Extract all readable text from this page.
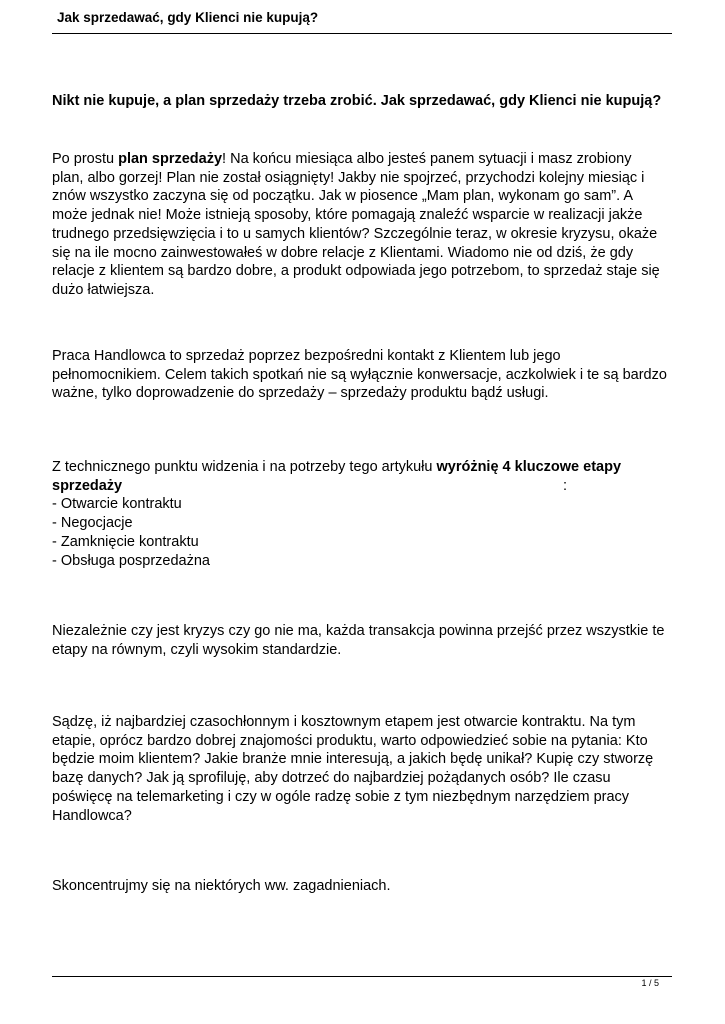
Jak sprzedawać, gdy Klienci nie kupują?
Nikt nie kupuje, a plan sprzedaży trzeba zrobić. Jak sprzedawać, gdy Klienci nie kupują?
Po prostu plan sprzedaży! Na końcu miesiąca albo jesteś panem sytuacji i masz zrobiony
plan, albo gorzej! Plan nie został osiągnięty! Jakby nie spojrzeć, przychodzi kolejny miesiąc i
znów wszystko zaczyna się od początku. Jak w piosence „Mam plan, wykonam go sam”. A
może jednak nie! Może istnieją sposoby, które pomagają znaleźć wsparcie w realizacji jakże
trudnego przedsięwzięcia i to u samych klientów? Szczególnie teraz, w okresie kryzysu, okaże
się na ile mocno zainwestowałeś w dobre relacje z Klientami. Wiadomo nie od dziś, że gdy
relacje z klientem są bardzo dobre, a produkt odpowiada jego potrzebom, to sprzedaż staje się
dużo łatwiejsza.
Praca Handlowca to sprzedaż poprzez bezpośredni kontakt z Klientem lub jego
pełnomocnikiem. Celem takich spotkań nie są wyłącznie konwersacje, aczkolwiek i te są bardzo
ważne, tylko doprowadzenie do sprzedaży – sprzedaży produktu bądź usługi.
Z technicznego punktu widzenia i na potrzeby tego artykułu wyróżnię 4 kluczowe etapy
sprzedaży	:
- Otwarcie kontraktu
- Negocjacje
- Zamknięcie kontraktu
- Obsługa posprzedażna
Niezależnie czy jest kryzys czy go nie ma, każda transakcja powinna przejść przez wszystkie te
etapy na równym, czyli wysokim standardzie.
Sądzę, iż najbardziej czasochłonnym i kosztownym etapem jest otwarcie kontraktu. Na tym
etapie, oprócz bardzo dobrej znajomości produktu, warto odpowiedzieć sobie na pytania: Kto
będzie moim klientem? Jakie branże mnie interesują, a jakich będę unikał? Kupię czy stworzę
bazę danych? Jak ją sprofiluję, aby dotrzeć do najbardziej pożądanych osób? Ile czasu
poświęcę na telemarketing i czy w ogóle radzę sobie z tym niezbędnym narzędziem pracy
Handlowca?
Skoncentrujmy się na niektórych ww. zagadnieniach.
1 / 5
